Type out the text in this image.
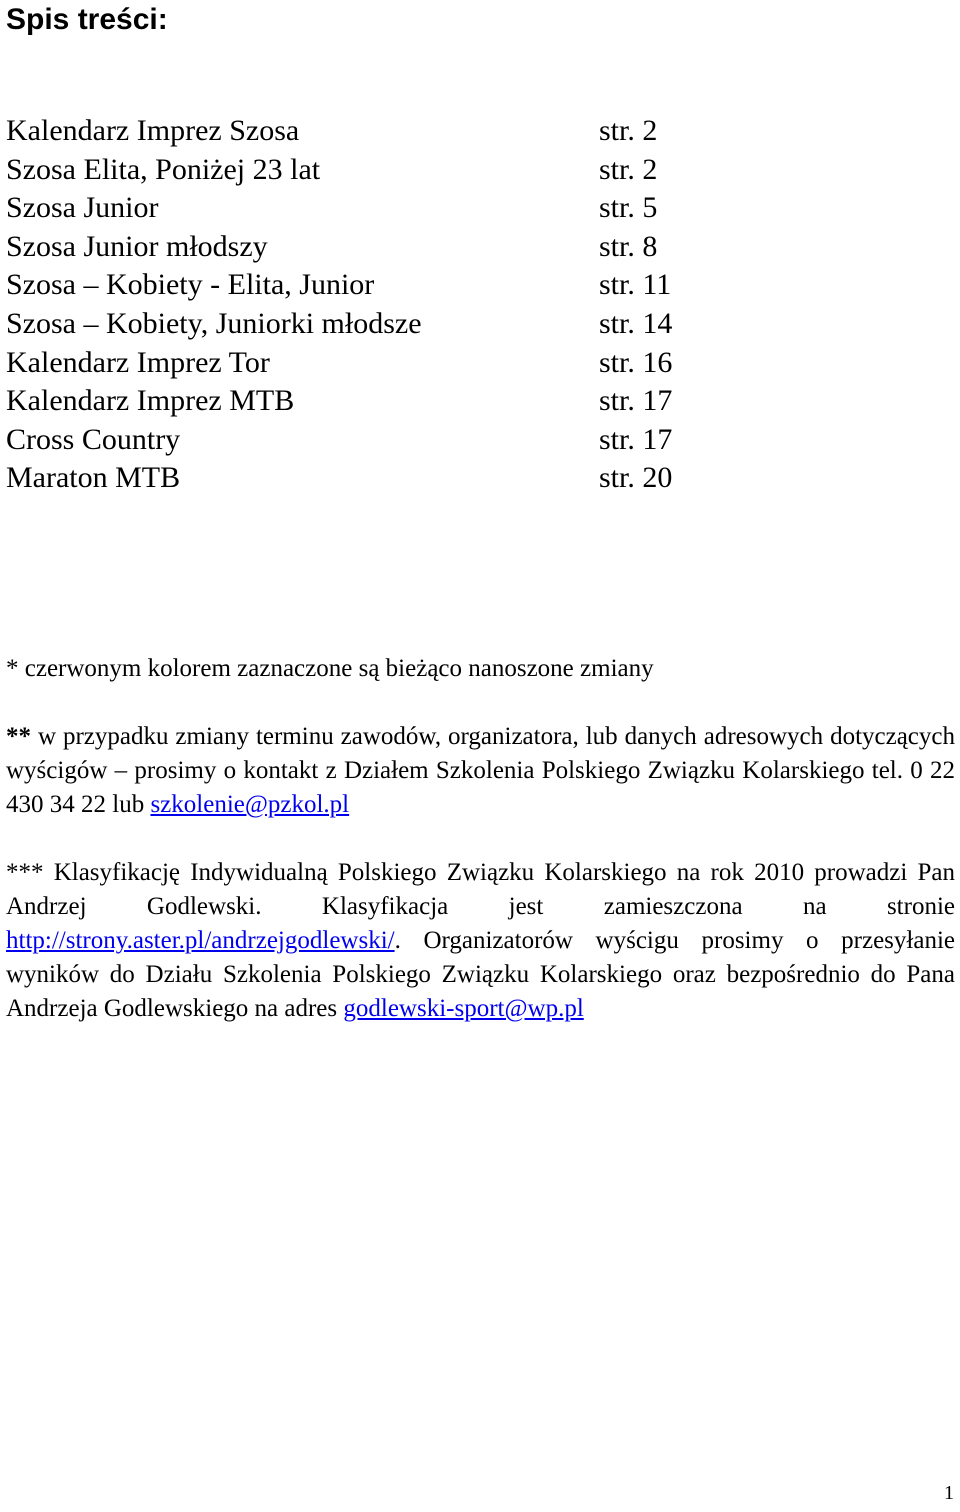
Spis treści:
Kalendarz Imprez Szosa	str. 2
Szosa Elita, Poniżej 23 lat	str. 2
Szosa Junior	str. 5
Szosa Junior młodszy	str. 8
Szosa – Kobiety - Elita, Junior	str. 11
Szosa – Kobiety, Juniorki młodsze	str. 14
Kalendarz Imprez Tor	str. 16
Kalendarz Imprez MTB	str. 17
Cross Country	str. 17
Maraton MTB	str. 20

* czerwonym kolorem zaznaczone są bieżąco nanoszone zmiany

** w przypadku zmiany terminu zawodów, organizatora, lub danych adresowych dotyczących wyścigów – prosimy o kontakt z Działem Szkolenia Polskiego Związku Kolarskiego tel. 0 22 430 34 22 lub szkolenie@pzkol.pl

*** Klasyfikację Indywidualną Polskiego Związku Kolarskiego na rok 2010 prowadzi Pan Andrzej Godlewski. Klasyfikacja jest zamieszczona na stronie http://strony.aster.pl/andrzejgodlewski/. Organizatorów wyścigu prosimy o przesyłanie wyników do Działu Szkolenia Polskiego Związku Kolarskiego oraz bezpośrednio do Pana Andrzeja Godlewskiego na adres godlewski-sport@wp.pl

1
